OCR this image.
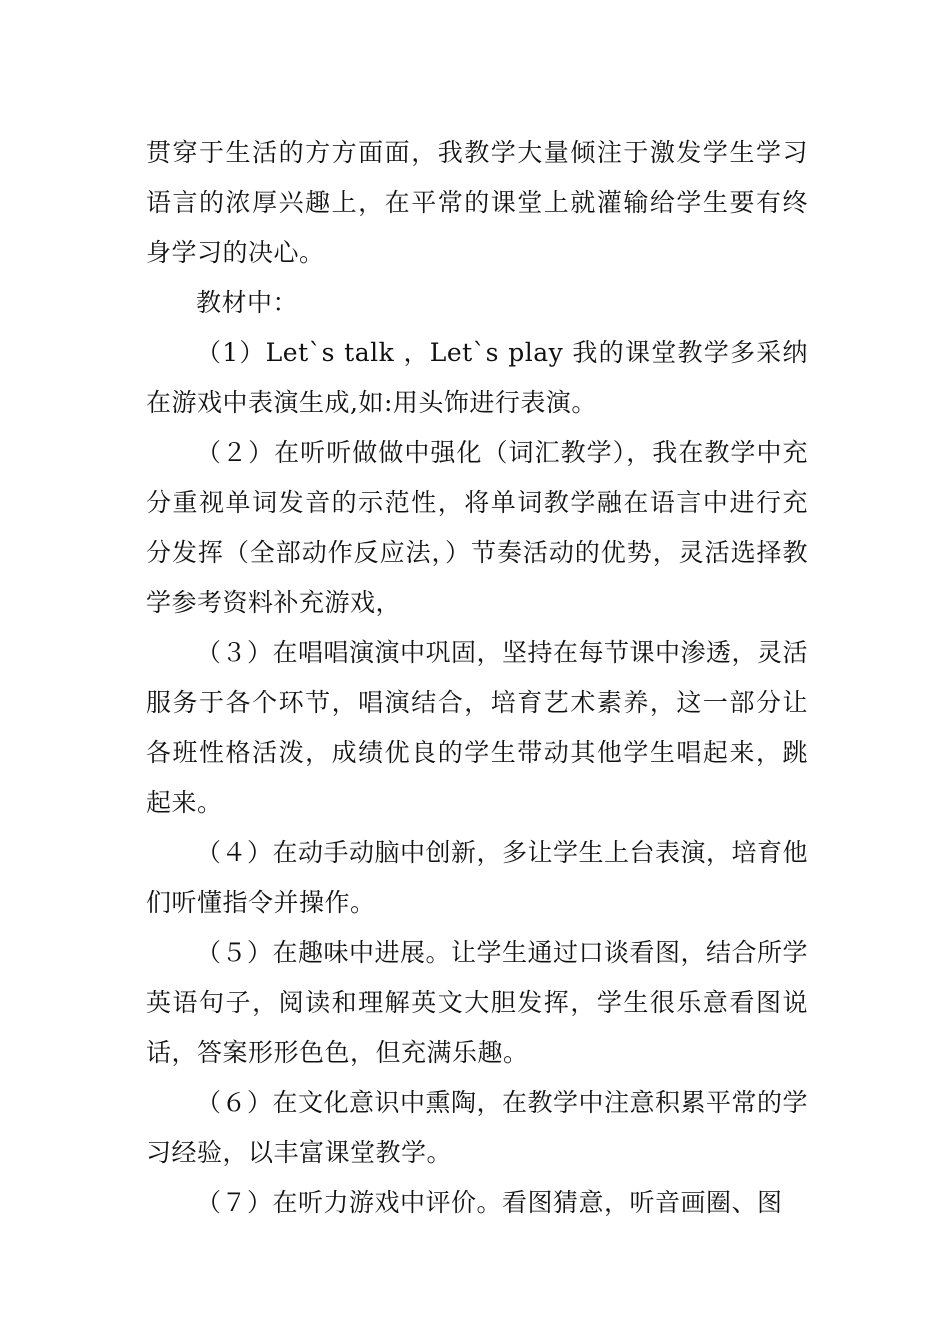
贯穿于生活的方方面面，我教学大量倾注于激发学生学习语言的浓厚兴趣上，在平常的课堂上就灌输给学生要有终身学习的决心。

教材中：

（1）Let`s talk ，Let`s play 我的课堂教学多采纳在游戏中表演生成,如:用头饰进行表演。

（２）在听听做做中强化（词汇教学），我在教学中充分重视单词发音的示范性，将单词教学融在语言中进行充分发挥（全部动作反应法，）节奏活动的优势，灵活选择教学参考资料补充游戏，

（３）在唱唱演演中巩固，坚持在每节课中渗透，灵活服务于各个环节，唱演结合，培育艺术素养，这一部分让各班性格活泼，成绩优良的学生带动其他学生唱起来，跳起来。

（４）在动手动脑中创新，多让学生上台表演，培育他们听懂指令并操作。

（５）在趣味中进展。让学生通过口谈看图，结合所学英语句子，阅读和理解英文大胆发挥，学生很乐意看图说话，答案形形色色，但充满乐趣。

（６）在文化意识中熏陶，在教学中注意积累平常的学习经验，以丰富课堂教学。

（７）在听力游戏中评价。看图猜意，听音画圈、图
